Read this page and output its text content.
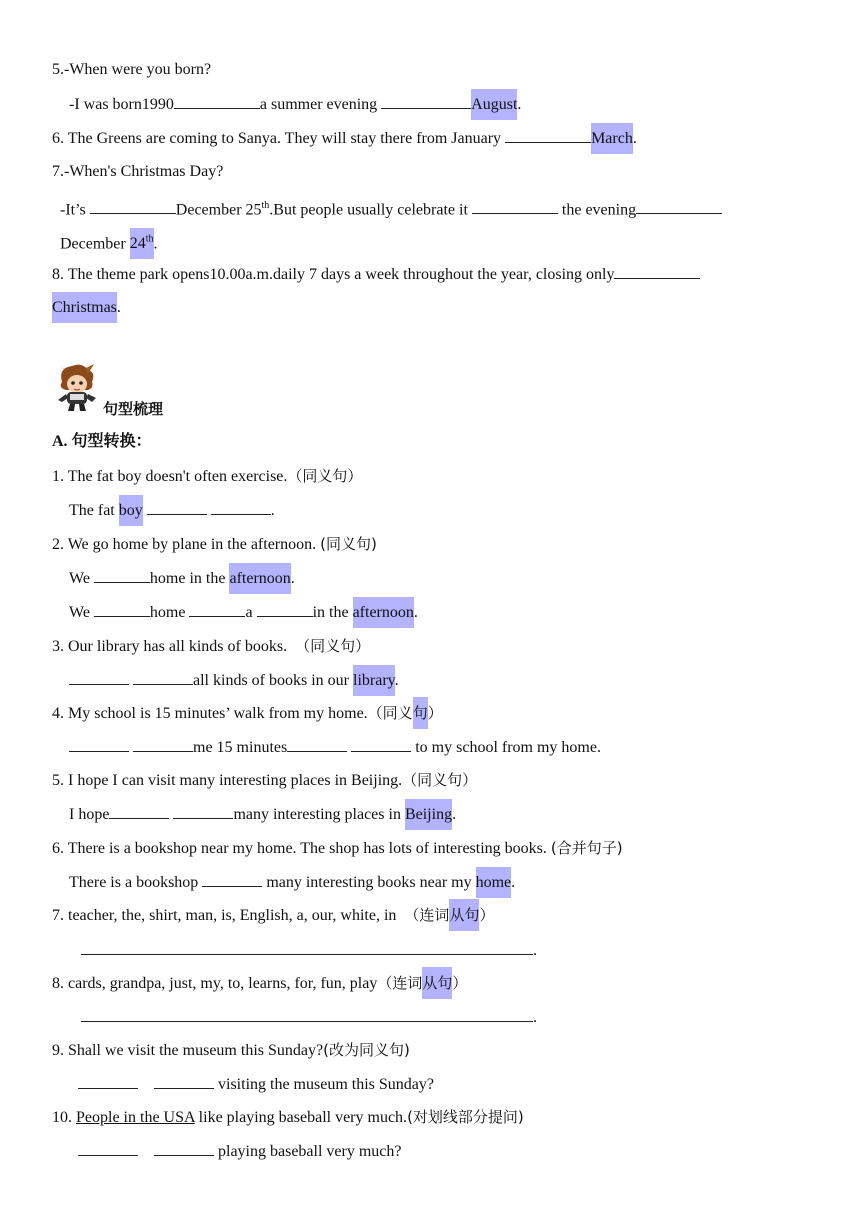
5.-When were you born?
-I was born1990	a summer evening	August.
6. The Greens are coming to Sanya. They will stay there from January	March.
7.-When's Christmas Day?
-It’s	December 25th.But people usually celebrate it	the evening
December 24th.
8. The theme park opens10.00a.m.daily 7 days a week throughout the year, closing only
Christmas.
句型梳理
A. 句型转换：
1. The fat boy doesn't often exercise.（同义句）
The fat boy	.
2. We go home by plane in the afternoon. (同义句)
We	home in the afternoon.
We	home	a	in the afternoon.
3. Our library has all kinds of books.  （同义句）
all kinds of books in our library.
4. My school is 15 minutes’ walk from my home.（同义句）
me 15 minutes	to my school from my home.
5. I hope I can visit many interesting places in Beijing.（同义句）
I hope	many interesting places in Beijing.
6. There is a bookshop near my home. The shop has lots of interesting books. (合并句子)
There is a bookshop	many interesting books near my home.
7. teacher, the, shirt, man, is, English, a, our, white, in  （连词从句）
.
8. cards, grandpa, just, my, to, learns, for, fun, play（连词从句）
.
9. Shall we visit the museum this Sunday?(改为同义句)
visiting the museum this Sunday?
10. People in the USA like playing baseball very much.(对划线部分提问)
playing baseball very much?
